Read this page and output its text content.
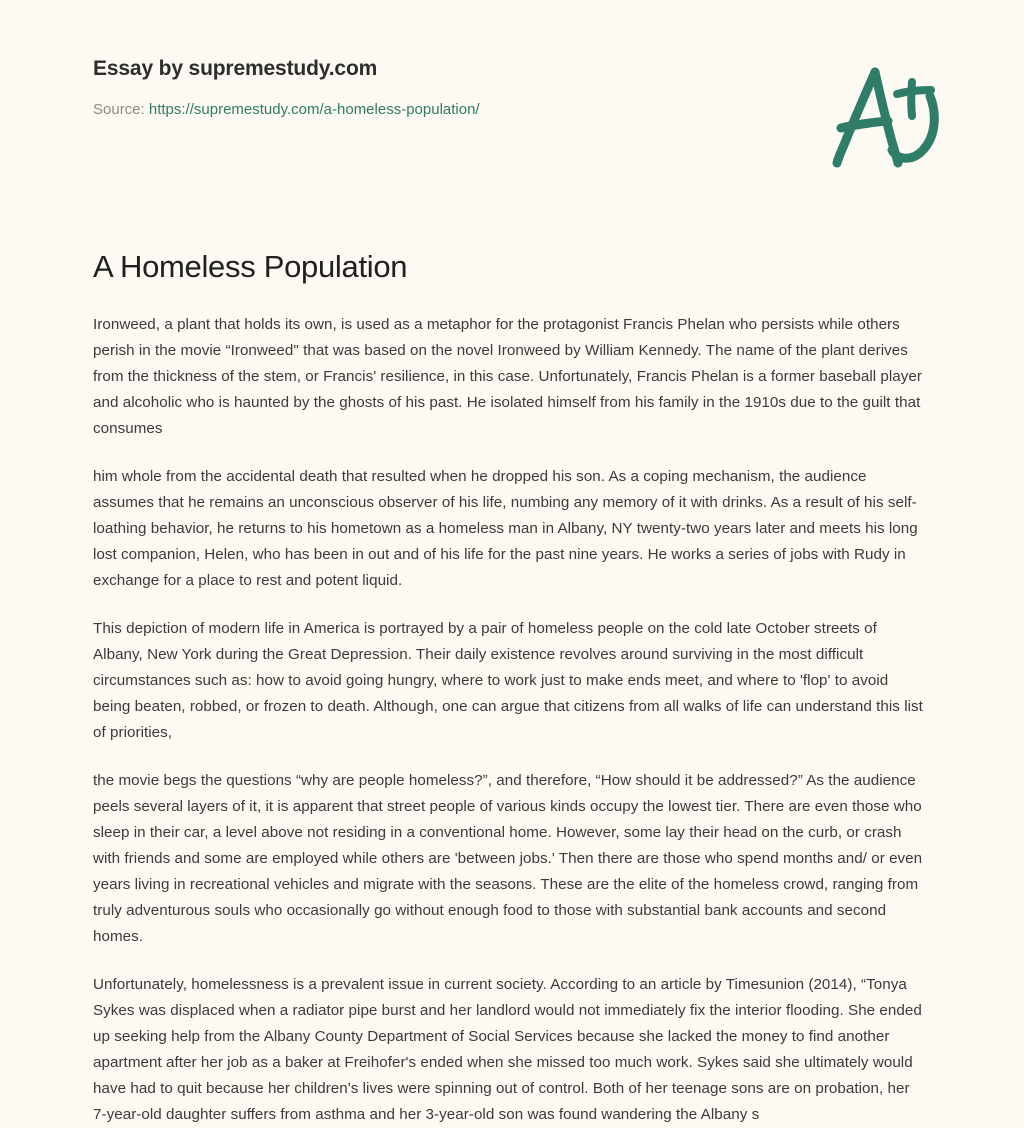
Essay by supremestudy.com
Source: https://supremestudy.com/a-homeless-population/
A Homeless Population

Ironweed, a plant that holds its own, is used as a metaphor for the protagonist Francis Phelan who persists while others perish in the movie “Ironweed" that was based on the novel Ironweed by William Kennedy. The name of the plant derives from the thickness of the stem, or Francis' resilience, in this case. Unfortunately, Francis Phelan is a former baseball player and alcoholic who is haunted by the ghosts of his past. He isolated himself from his family in the 1910s due to the guilt that consumes

him whole from the accidental death that resulted when he dropped his son. As a coping mechanism, the audience assumes that he remains an unconscious observer of his life, numbing any memory of it with drinks. As a result of his self- loathing behavior, he returns to his hometown as a homeless man in Albany, NY twenty-two years later and meets his long lost companion, Helen, who has been in out and of his life for the past nine years. He works a series of jobs with Rudy in exchange for a place to rest and potent liquid.

This depiction of modern life in America is portrayed by a pair of homeless people on the cold late October streets of Albany, New York during the Great Depression. Their daily existence revolves around surviving in the most difficult circumstances such as: how to avoid going hungry, where to work just to make ends meet, and where to 'flop' to avoid being beaten, robbed, or frozen to death. Although, one can argue that citizens from all walks of life can understand this list of priorities,

the movie begs the questions “why are people homeless?”, and therefore, “How should it be addressed?” As the audience peels several layers of it, it is apparent that street people of various kinds occupy the lowest tier. There are even those who sleep in their car, a level above not residing in a conventional home. However, some lay their head on the curb, or crash with friends and some are employed while others are 'between jobs.' Then there are those who spend months and/ or even years living in recreational vehicles and migrate with the seasons. These are the elite of the homeless crowd, ranging from truly adventurous souls who occasionally go without enough food to those with substantial bank accounts and second homes.

Unfortunately, homelessness is a prevalent issue in current society. According to an article by Timesunion (2014), “Tonya Sykes was displaced when a radiator pipe burst and her landlord would not immediately fix the interior flooding. She ended up seeking help from the Albany County Department of Social Services because she lacked the money to find another apartment after her job as a baker at Freihofer's ended when she missed too much work. Sykes said she ultimately would have had to quit because her children's lives were spinning out of control. Both of her teenage sons are on probation, her 7-year-old daughter suffers from asthma and her 3-year-old son was found wandering the Albany s
